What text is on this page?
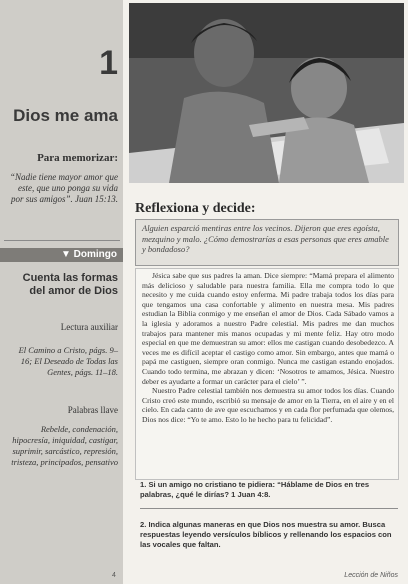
1
Dios me ama
Para memorizar:
“Nadie tiene mayor amor que este, que uno ponga su vida por sus amigos”. Juan 15:13.
▼ Domingo
Cuenta las formas del amor de Dios
Lectura auxiliar
El Camino a Cristo, págs. 9–16; El Deseado de Todas las Gentes, págs. 11–18.
Palabras llave
Rebelde, condenación, hipocresía, iniquidad, castigar, suprimir, sarcástico, represión, tristeza, principados, pensativo
Reflexiona y decide:
Alguien esparció mentiras entre los vecinos. Dijeron que eres egoísta, mezquino y malo. ¿Cómo demostrarías a esas personas que eres amable y bondadoso?

Jésica sabe que sus padres la aman. Dice siempre: “Mamá prepara el alimento más delicioso y saludable para nuestra familia. Ella me compra todo lo que necesito y me cuida cuando estoy enferma. Mi padre trabaja todos los días para que tengamos una casa confortable y alimento en nuestra mesa. Mis padres estudian la Biblia conmigo y me enseñan el amor de Dios. Cada Sábado vamos a la iglesia y adoramos a nuestro Padre celestial. Mis padres me dan muchos trabajos para mantener mis manos ocupadas y mi mente feliz. Hay otro modo especial en que me demuestran su amor: ellos me castigan cuando desobedezco. A veces me es difícil aceptar el castigo como amor. Sin embargo, antes que mamá o papá me castiguen, siempre oran conmigo. Nunca me castigan estando enojados. Cuando todo termina, me abrazan y dicen: ‘Nosotros te amamos, Jésica. Nuestro deber es ayudarte a formar un carácter para el cielo’ ”.

Nuestro Padre celestial también nos demuestra su amor todos los días. Cuando Cristo creó este mundo, escribió su mensaje de amor en la Tierra, en el aire y en el cielo. En cada canto de ave que escuchamos y en cada flor perfumada que olemos, Dios nos dice: “Yo te amo. Esto lo he hecho para tu felicidad”.

1. Si un amigo no cristiano te pidiera: “Háblame de Dios en tres palabras, ¿qué le dirías? 1 Juan 4:8.
2. Indica algunas maneras en que Dios nos muestra su amor. Busca respuestas leyendo versículos bíblicos y rellenando los espacios con las vocales que faltan.
4	Lección de Niños
